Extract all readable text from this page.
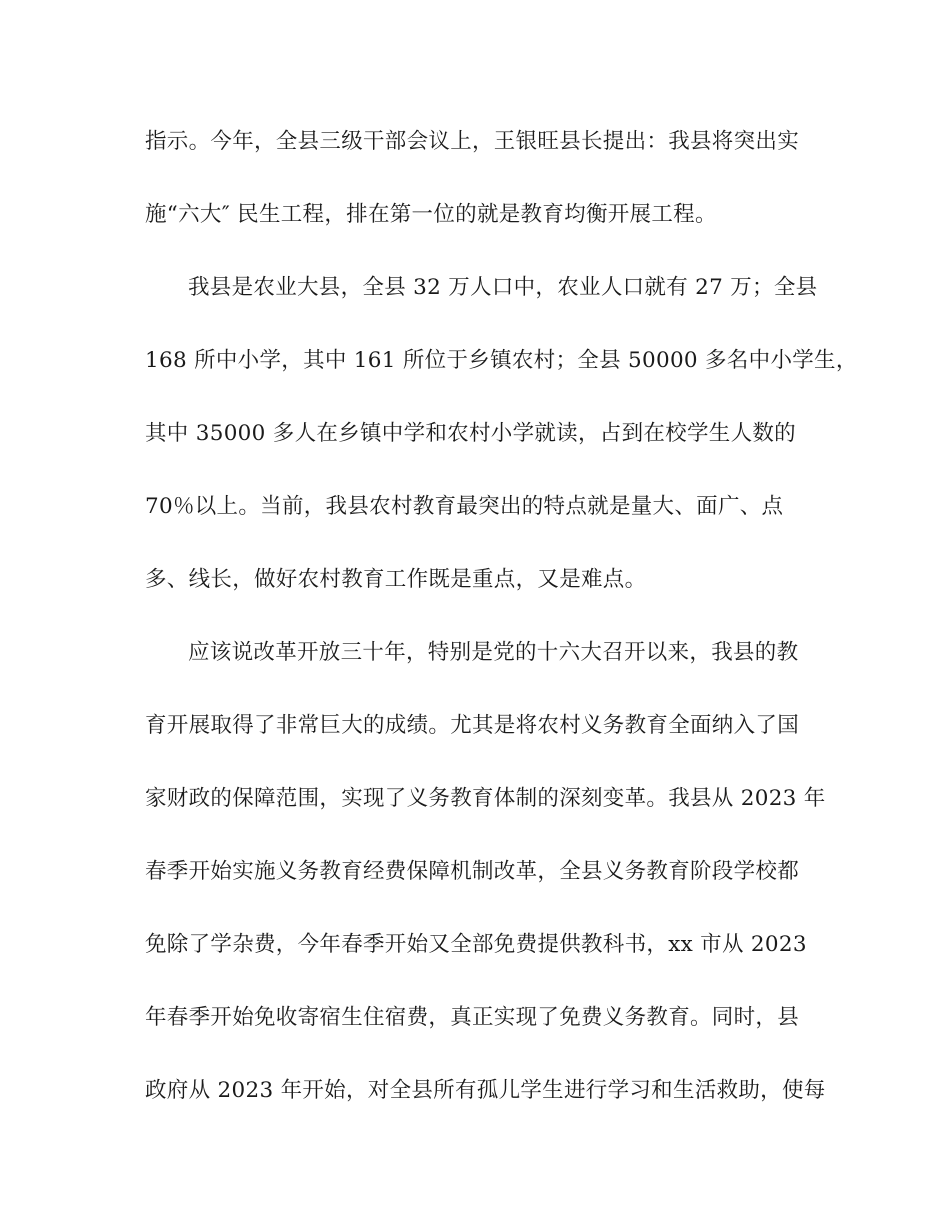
指示。今年，全县三级干部会议上，王银旺县长提出：我县将突出实
施“六大″ 民生工程，排在第一位的就是教育均衡开展工程。
我县是农业大县，全县 32 万人口中，农业人口就有 27 万；全县
168 所中小学，其中 161 所位于乡镇农村；全县 50000 多名中小学生，
其中 35000 多人在乡镇中学和农村小学就读，占到在校学生人数的
70％以上。当前，我县农村教育最突出的特点就是量大、面广、点
多、线长，做好农村教育工作既是重点，又是难点。
应该说改革开放三十年，特别是党的十六大召开以来，我县的教
育开展取得了非常巨大的成绩。尤其是将农村义务教育全面纳入了国
家财政的保障范围，实现了义务教育体制的深刻变革。我县从 2023 年
春季开始实施义务教育经费保障机制改革，全县义务教育阶段学校都
免除了学杂费，今年春季开始又全部免费提供教科书，xx 市从 2023
年春季开始免收寄宿生住宿费，真正实现了免费义务教育。同时，县
政府从 2023 年开始，对全县所有孤儿学生进行学习和生活救助，使每
